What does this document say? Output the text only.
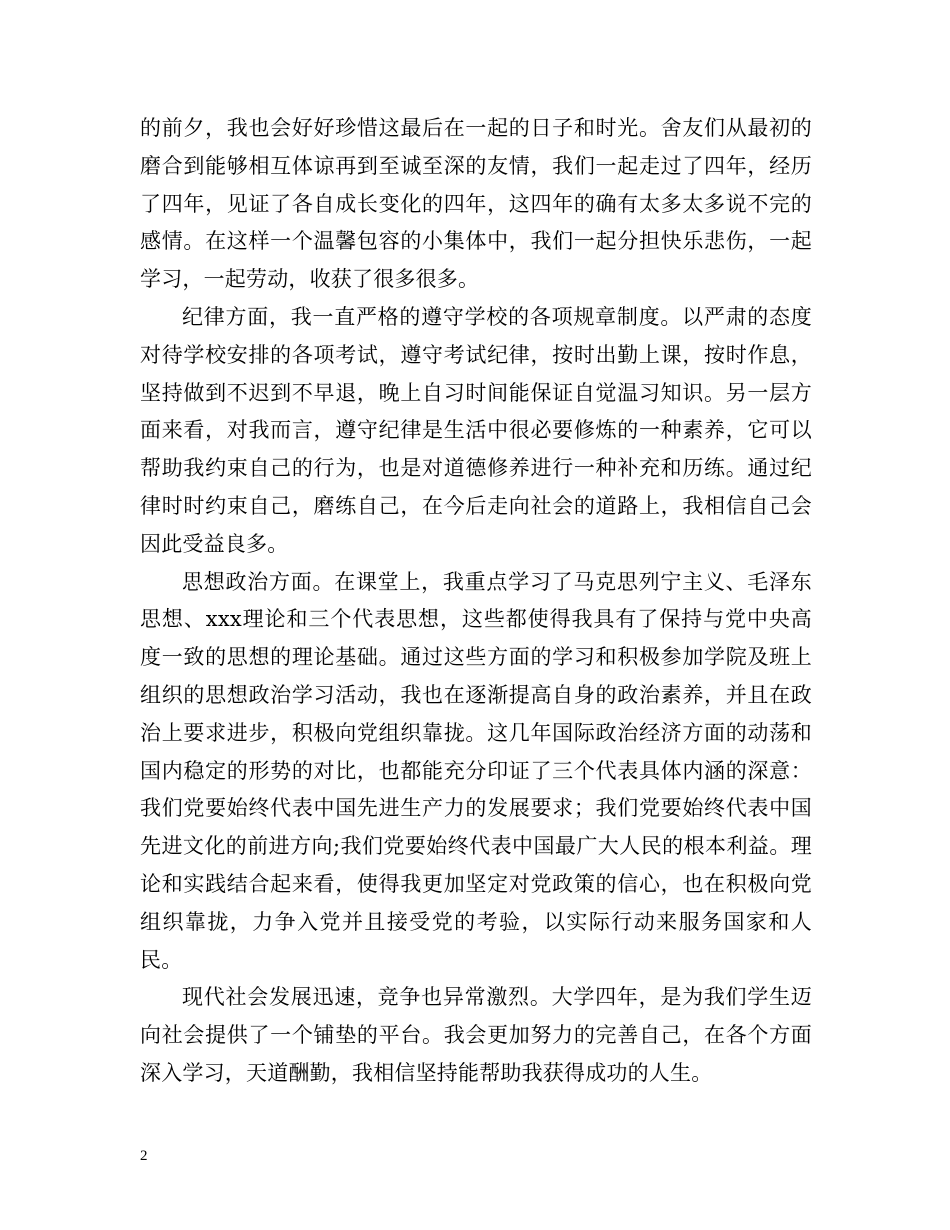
的前夕，我也会好好珍惜这最后在一起的日子和时光。舍友们从最初的磨合到能够相互体谅再到至诚至深的友情，我们一起走过了四年，经历了四年，见证了各自成长变化的四年，这四年的确有太多太多说不完的感情。在这样一个温馨包容的小集体中，我们一起分担快乐悲伤，一起学习，一起劳动，收获了很多很多。

纪律方面，我一直严格的遵守学校的各项规章制度。以严肃的态度对待学校安排的各项考试，遵守考试纪律，按时出勤上课，按时作息，坚持做到不迟到不早退，晚上自习时间能保证自觉温习知识。另一层方面来看，对我而言，遵守纪律是生活中很必要修炼的一种素养，它可以帮助我约束自己的行为，也是对道德修养进行一种补充和历练。通过纪律时时约束自己，磨练自己，在今后走向社会的道路上，我相信自己会因此受益良多。

思想政治方面。在课堂上，我重点学习了马克思列宁主义、毛泽东思想、xxx理论和三个代表思想，这些都使得我具有了保持与党中央高度一致的思想的理论基础。通过这些方面的学习和积极参加学院及班上组织的思想政治学习活动，我也在逐渐提高自身的政治素养，并且在政治上要求进步，积极向党组织靠拢。这几年国际政治经济方面的动荡和国内稳定的形势的对比，也都能充分印证了三个代表具体内涵的深意：我们党要始终代表中国先进生产力的发展要求；我们党要始终代表中国先进文化的前进方向;我们党要始终代表中国最广大人民的根本利益。理论和实践结合起来看，使得我更加坚定对党政策的信心，也在积极向党组织靠拢，力争入党并且接受党的考验，以实际行动来服务国家和人民。

现代社会发展迅速，竞争也异常激烈。大学四年，是为我们学生迈向社会提供了一个铺垫的平台。我会更加努力的完善自己，在各个方面深入学习，天道酬勤，我相信坚持能帮助我获得成功的人生。

2
